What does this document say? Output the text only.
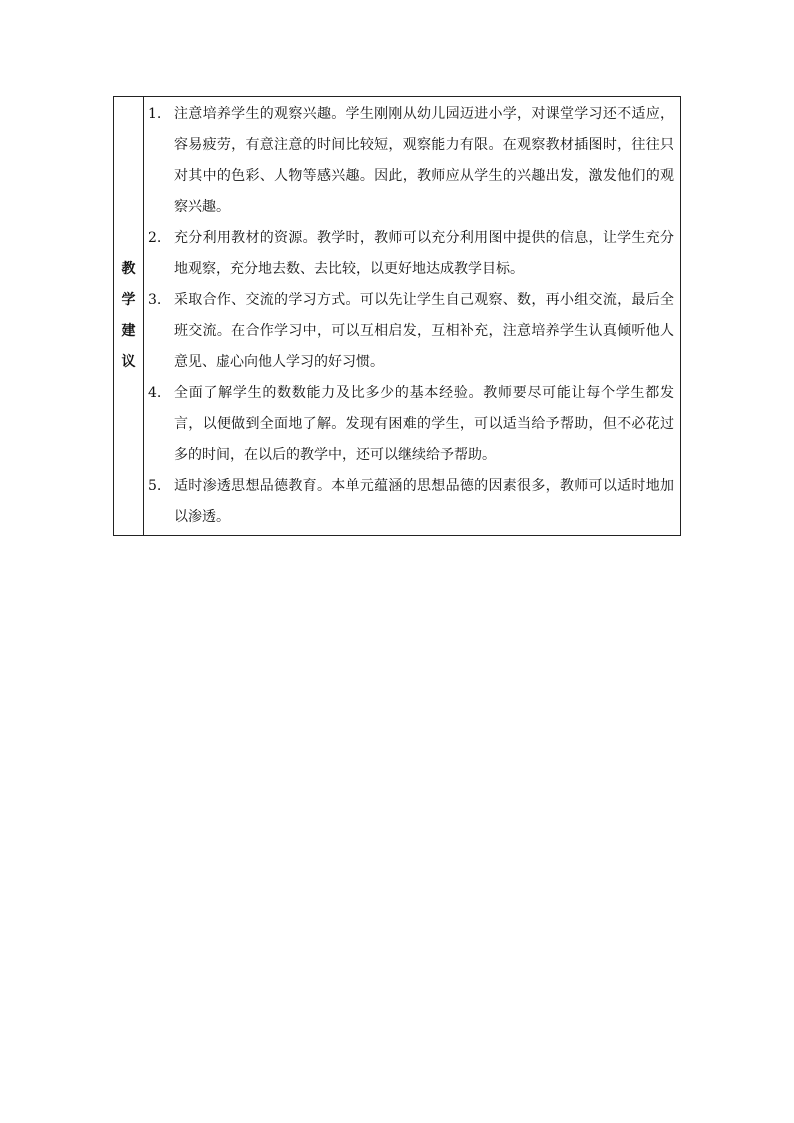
教
学
建
议

1. 注意培养学生的观察兴趣。学生刚刚从幼儿园迈进小学，对课堂学习还不适应，容易疲劳，有意注意的时间比较短，观察能力有限。在观察教材插图时，往往只对其中的色彩、人物等感兴趣。因此，教师应从学生的兴趣出发，激发他们的观察兴趣。
2. 充分利用教材的资源。教学时，教师可以充分利用图中提供的信息，让学生充分地观察，充分地去数、去比较，以更好地达成教学目标。
3. 采取合作、交流的学习方式。可以先让学生自己观察、数，再小组交流，最后全班交流。在合作学习中，可以互相启发，互相补充，注意培养学生认真倾听他人意见、虚心向他人学习的好习惯。
4. 全面了解学生的数数能力及比多少的基本经验。教师要尽可能让每个学生都发言，以便做到全面地了解。发现有困难的学生，可以适当给予帮助，但不必花过多的时间，在以后的教学中，还可以继续给予帮助。
5. 适时渗透思想品德教育。本单元蕴涵的思想品德的因素很多，教师可以适时地加以渗透。
